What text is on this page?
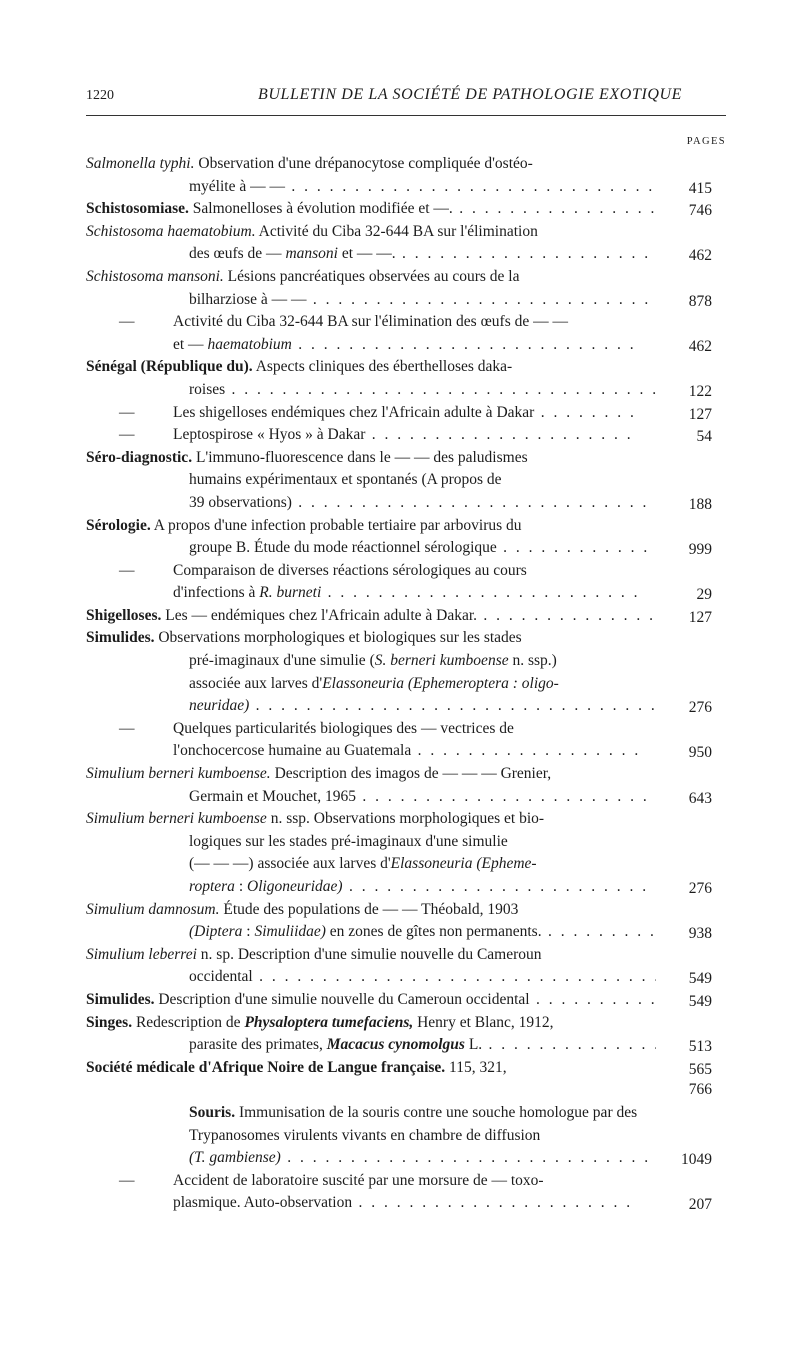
1220	BULLETIN DE LA SOCIÉTÉ DE PATHOLOGIE EXOTIQUE
PAGES
Salmonella typhi. Observation d'une drépanocytose compliquée d'ostéo-
myélite à — — . . .	415
Schistosomiase. Salmonelloses à évolution modifiée et —. . . .	746
Schistosoma haematobium. Activité du Ciba 32-644 BA sur l'élimination
des œufs de — mansoni et — —. . . .	462
Schistosoma mansoni. Lésions pancréatiques observées au cours de la
bilharziose à — — . . .	878
— Activité du Ciba 32-644 BA sur l'élimination des œufs de — —
et — haematobium . . .	462
Sénégal (République du). Aspects cliniques des éberthelloses daka-
roises . . .	122
— Les shigelloses endémiques chez l'Africain adulte à Dakar . . .	127
— Leptospirose « Hyos » à Dakar . . .	54
Séro-diagnostic. L'immuno-fluorescence dans le — — des paludismes
humains expérimentaux et spontanés (A propos de
39 observations) . . .	188
Sérologie. A propos d'une infection probable tertiaire par arbovirus du
groupe B. Étude du mode réactionnel sérologique . . .	999
— Comparaison de diverses réactions sérologiques au cours
d'infections à R. burneti . . .	29
Shigelloses. Les — endémiques chez l'Africain adulte à Dakar. . . .	127
Simulides. Observations morphologiques et biologiques sur les stades
pré-imaginaux d'une simulie (S. berneri kumboense n. ssp.)
associée aux larves d'Elassoneuria (Ephemeroptera : oligo-
neuridae) . . .	276
— Quelques particularités biologiques des — vectrices de
l'onchocercose humaine au Guatemala . . .	950
Simulium berneri kumboense. Description des imagos de — — — Grenier,
Germain et Mouchet, 1965 . . .	643
Simulium berneri kumboense n. ssp. Observations morphologiques et bio-
logiques sur les stades pré-imaginaux d'une simulie
(— — —) associée aux larves d'Elassoneuria (Epheme-
roptera : Oligoneuridae) . . .	276
Simulium damnosum. Étude des populations de — — Théobald, 1903
(Diptera : Simuliidae) en zones de gîtes non permanents. . . .	938
Simulium leberrei n. sp. Description d'une simulie nouvelle du Cameroun
occidental . . .	549
Simulides. Description d'une simulie nouvelle du Cameroun occidental . . .	549
Singes. Redescription de Physaloptera tumefaciens, Henry et Blanc, 1912,
parasite des primates, Macacus cynomolgus L. . . .	513
Société médicale d'Afrique Noire de Langue française. 115, 321,	565
766
Souris. Immunisation de la souris contre une souche homologue par des
Trypanosomes virulents vivants en chambre de diffusion
(T. gambiense) . . .	1049
— Accident de laboratoire suscité par une morsure de — toxo-
plasmique. Auto-observation . . .	207
